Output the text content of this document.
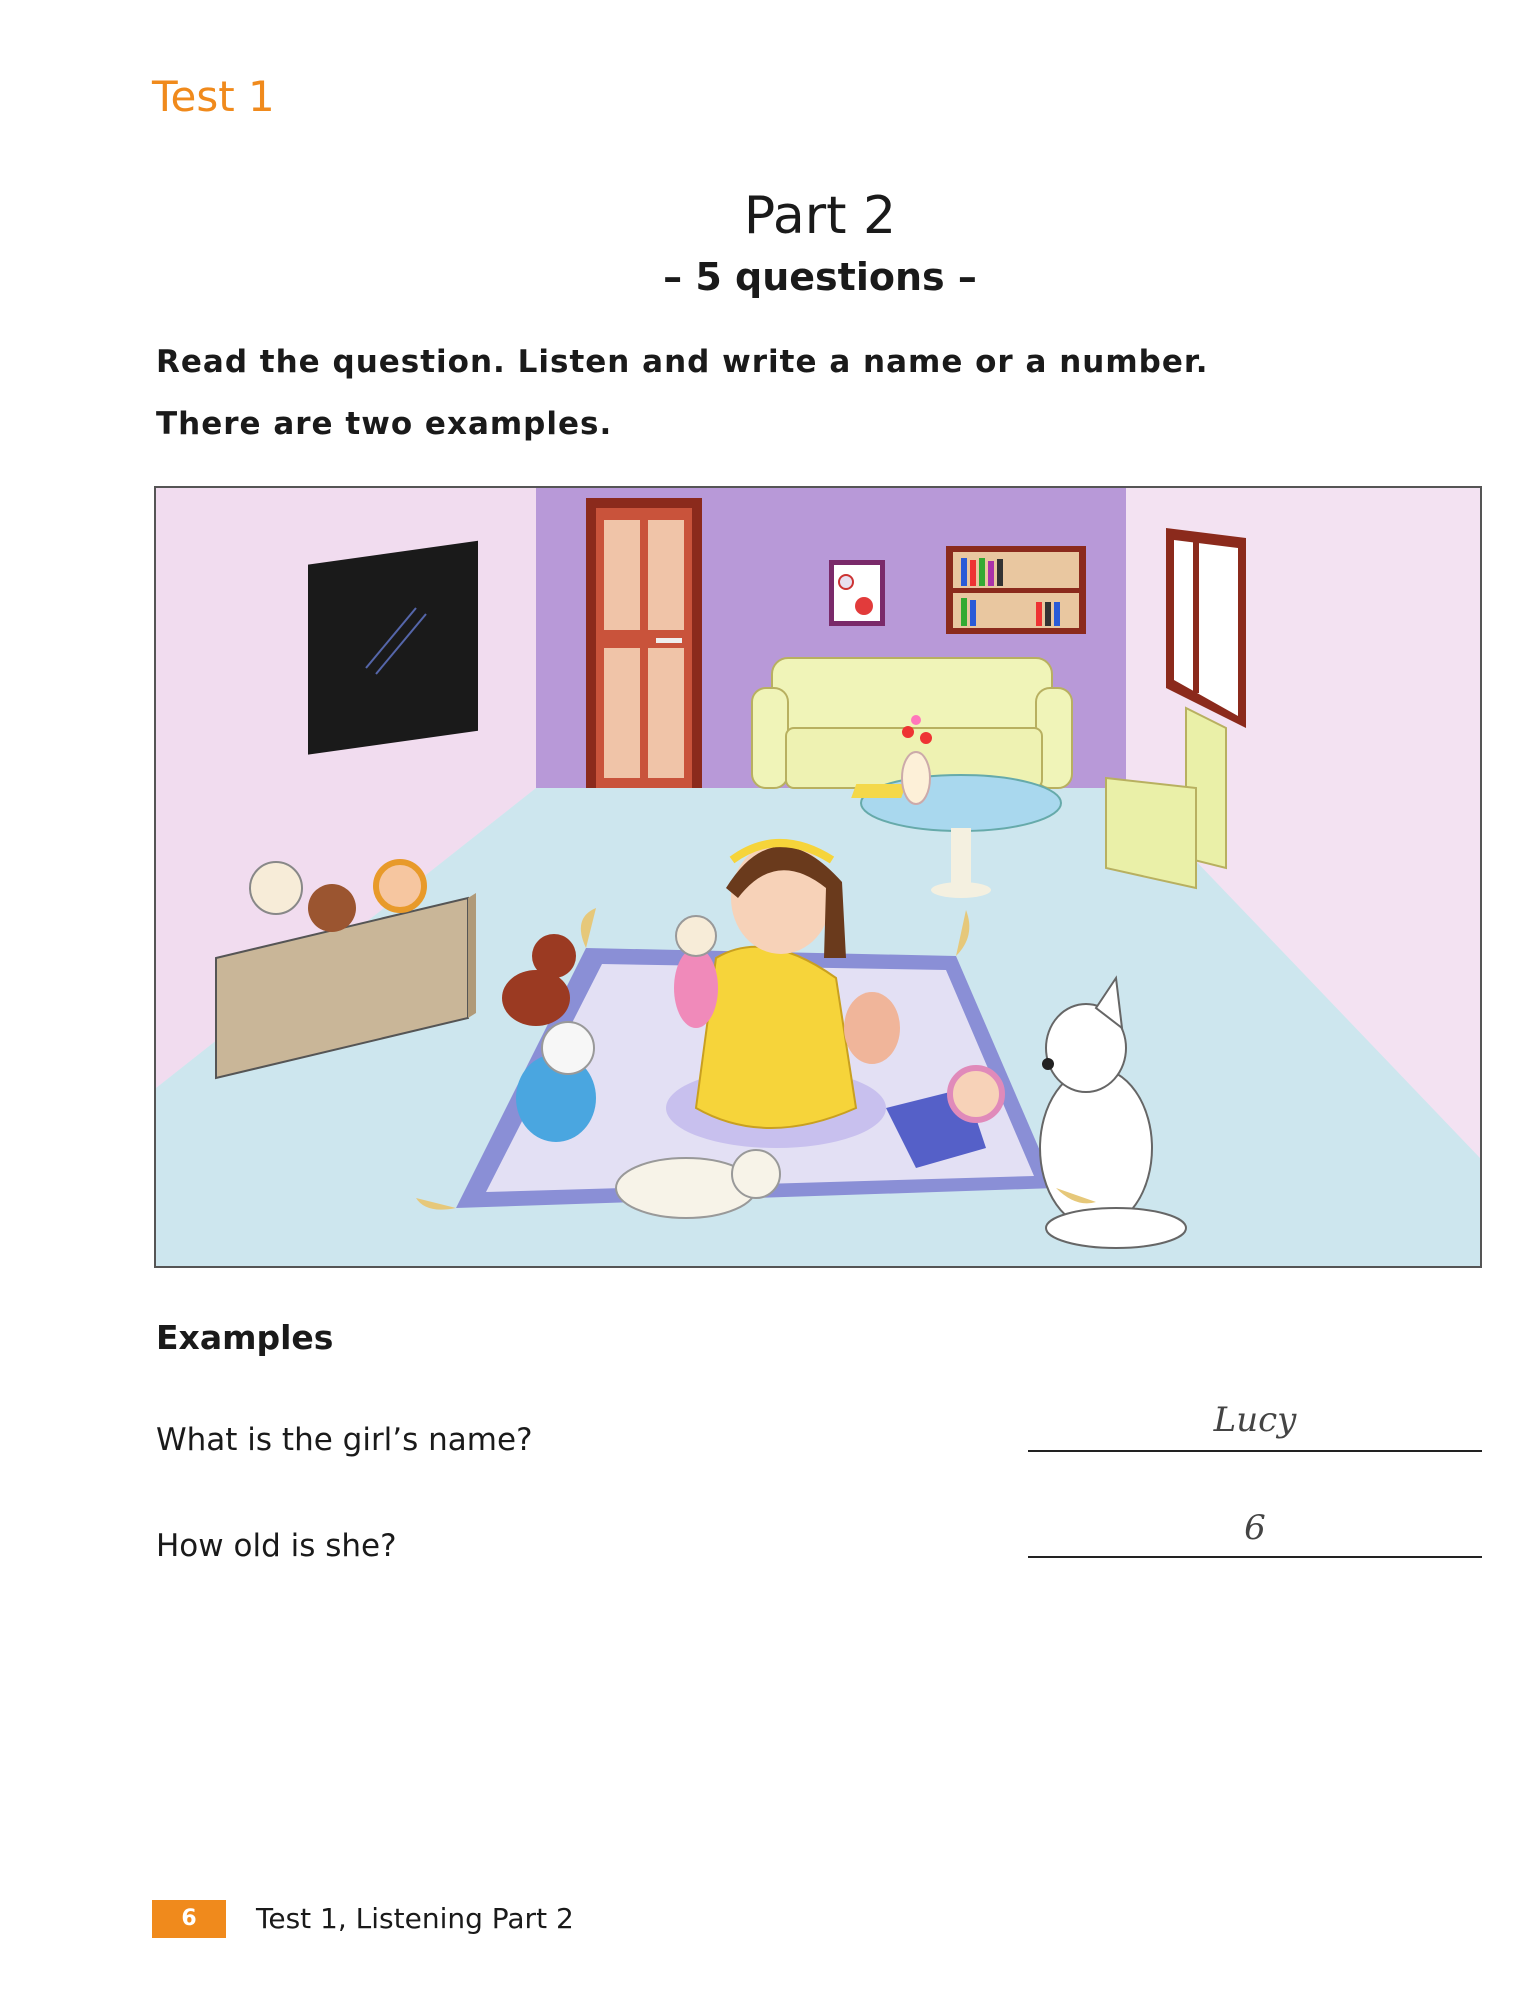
Test 1
Part 2
– 5 questions –
Read the question. Listen and write a name or a number.
There are two examples.
Examples
What is the girl’s name?	Lucy
How old is she?	6
6	Test 1, Listening Part 2
